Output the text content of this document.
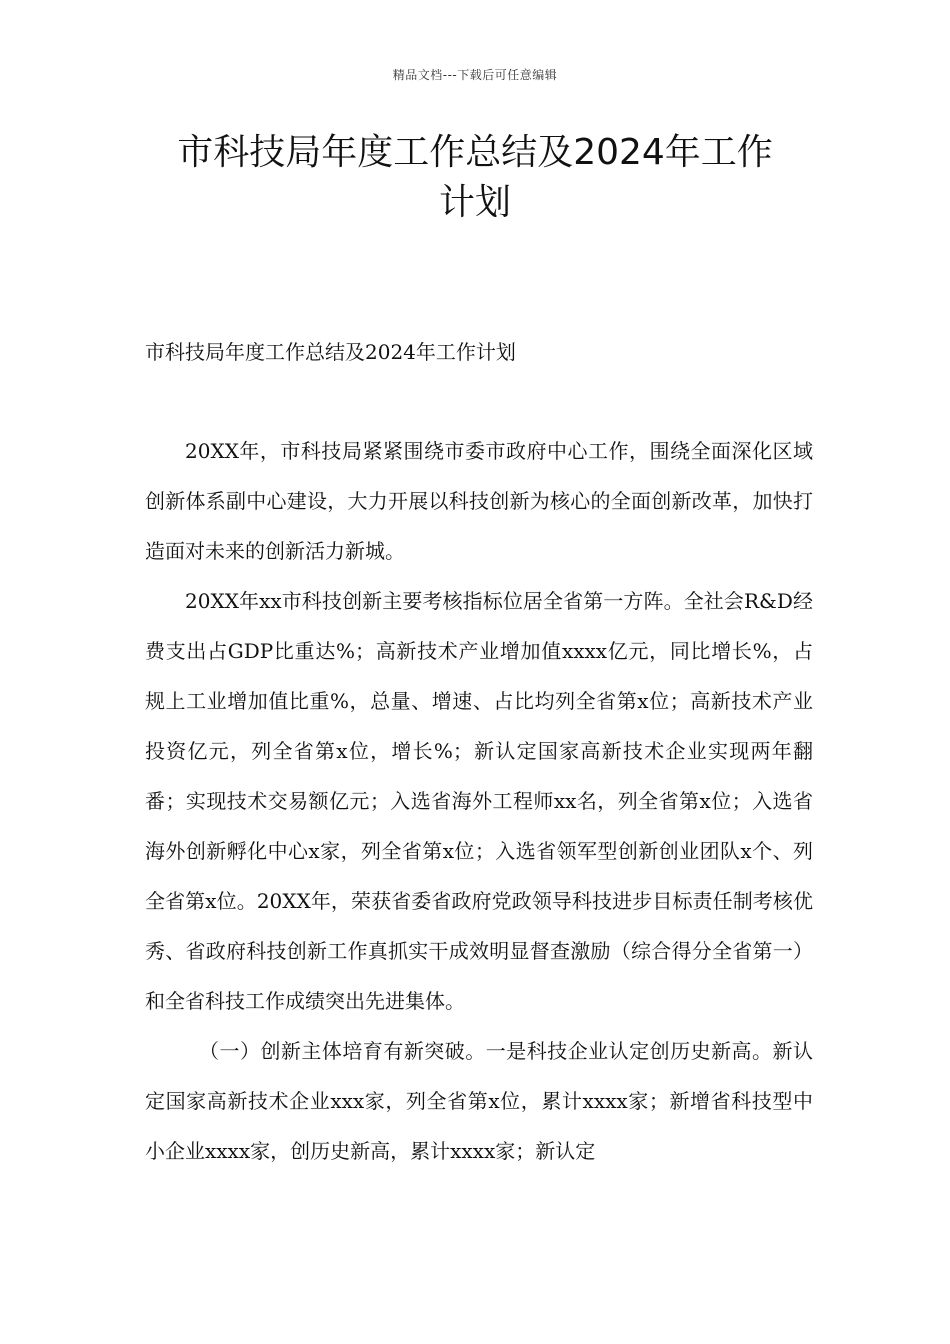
精品文档---下载后可任意编辑
市科技局年度工作总结及2024年工作
计划
市科技局年度工作总结及2024年工作计划

20XX年，市科技局紧紧围绕市委市政府中心工作，围绕全面深化区域创新体系副中心建设，大力开展以科技创新为核心的全面创新改革，加快打造面对未来的创新活力新城。

20XX年xx市科技创新主要考核指标位居全省第一方阵。全社会R&D经费支出占GDP比重达%；高新技术产业增加值xxxx亿元，同比增长%，占规上工业增加值比重%，总量、增速、占比均列全省第x位；高新技术产业投资亿元，列全省第x位，增长%；新认定国家高新技术企业实现两年翻番；实现技术交易额亿元；入选省海外工程师xx名，列全省第x位；入选省海外创新孵化中心x家，列全省第x位；入选省领军型创新创业团队x个、列全省第x位。20XX年，荣获省委省政府党政领导科技进步目标责任制考核优秀、省政府科技创新工作真抓实干成效明显督查激励（综合得分全省第一）和全省科技工作成绩突出先进集体。

（一）创新主体培育有新突破。一是科技企业认定创历史新高。新认定国家高新技术企业xxx家，列全省第x位，累计xxxx家；新增省科技型中小企业xxxx家，创历史新高，累计xxxx家；新认定
